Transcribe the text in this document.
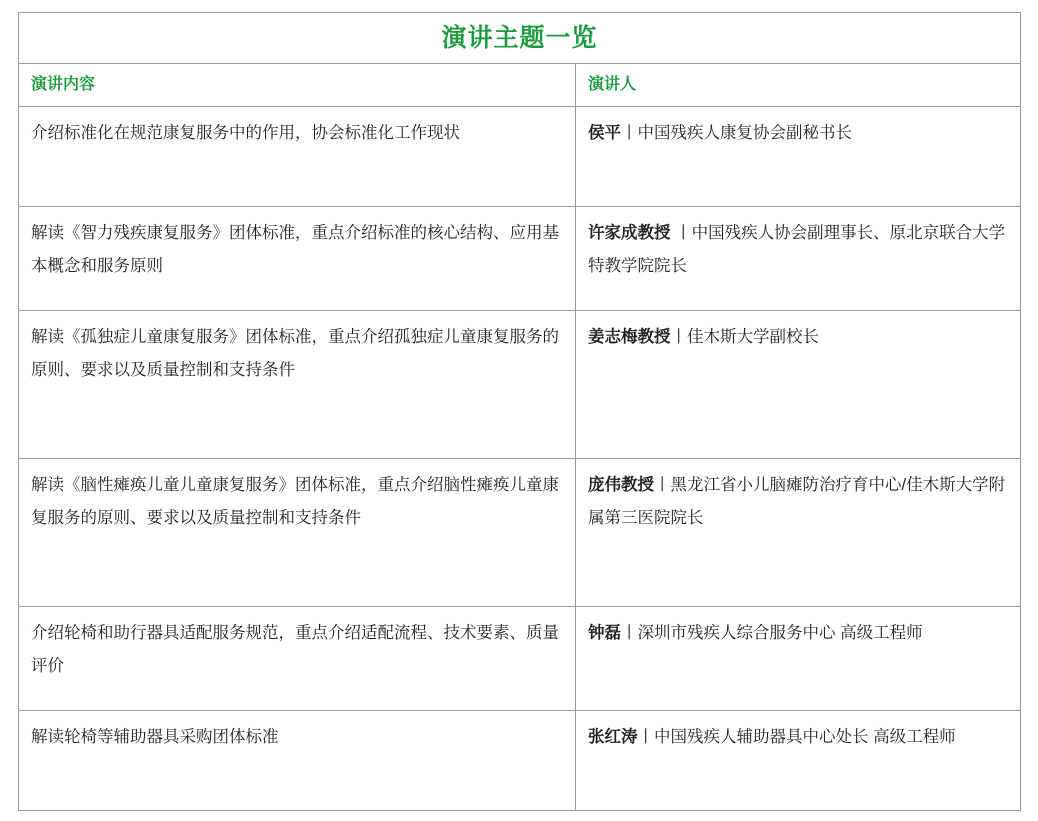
演讲主题一览	
演讲内容	演讲人
介绍标准化在规范康复服务中的作用，协会标准化工作现状	侯平丨中国残疾人康复协会副秘书长
解读《智力残疾康复服务》团体标准，重点介绍标准的核心结构、应用基本概念和服务原则	许家成教授 丨中国残疾人协会副理事长、原北京联合大学特教学院院长
解读《孤独症儿童康复服务》团体标准，重点介绍孤独症儿童康复服务的原则、要求以及质量控制和支持条件	姜志梅教授丨佳木斯大学副校长
解读《脑性瘫痪儿童儿童康复服务》团体标准，重点介绍脑性瘫痪儿童康复服务的原则、要求以及质量控制和支持条件	庞伟教授丨黑龙江省小儿脑瘫防治疗育中心/佳木斯大学附属第三医院院长
介绍轮椅和助行器具适配服务规范，重点介绍适配流程、技术要素、质量评价	钟磊丨深圳市残疾人综合服务中心 高级工程师
解读轮椅等辅助器具采购团体标准	张红涛丨中国残疾人辅助器具中心处长 高级工程师
